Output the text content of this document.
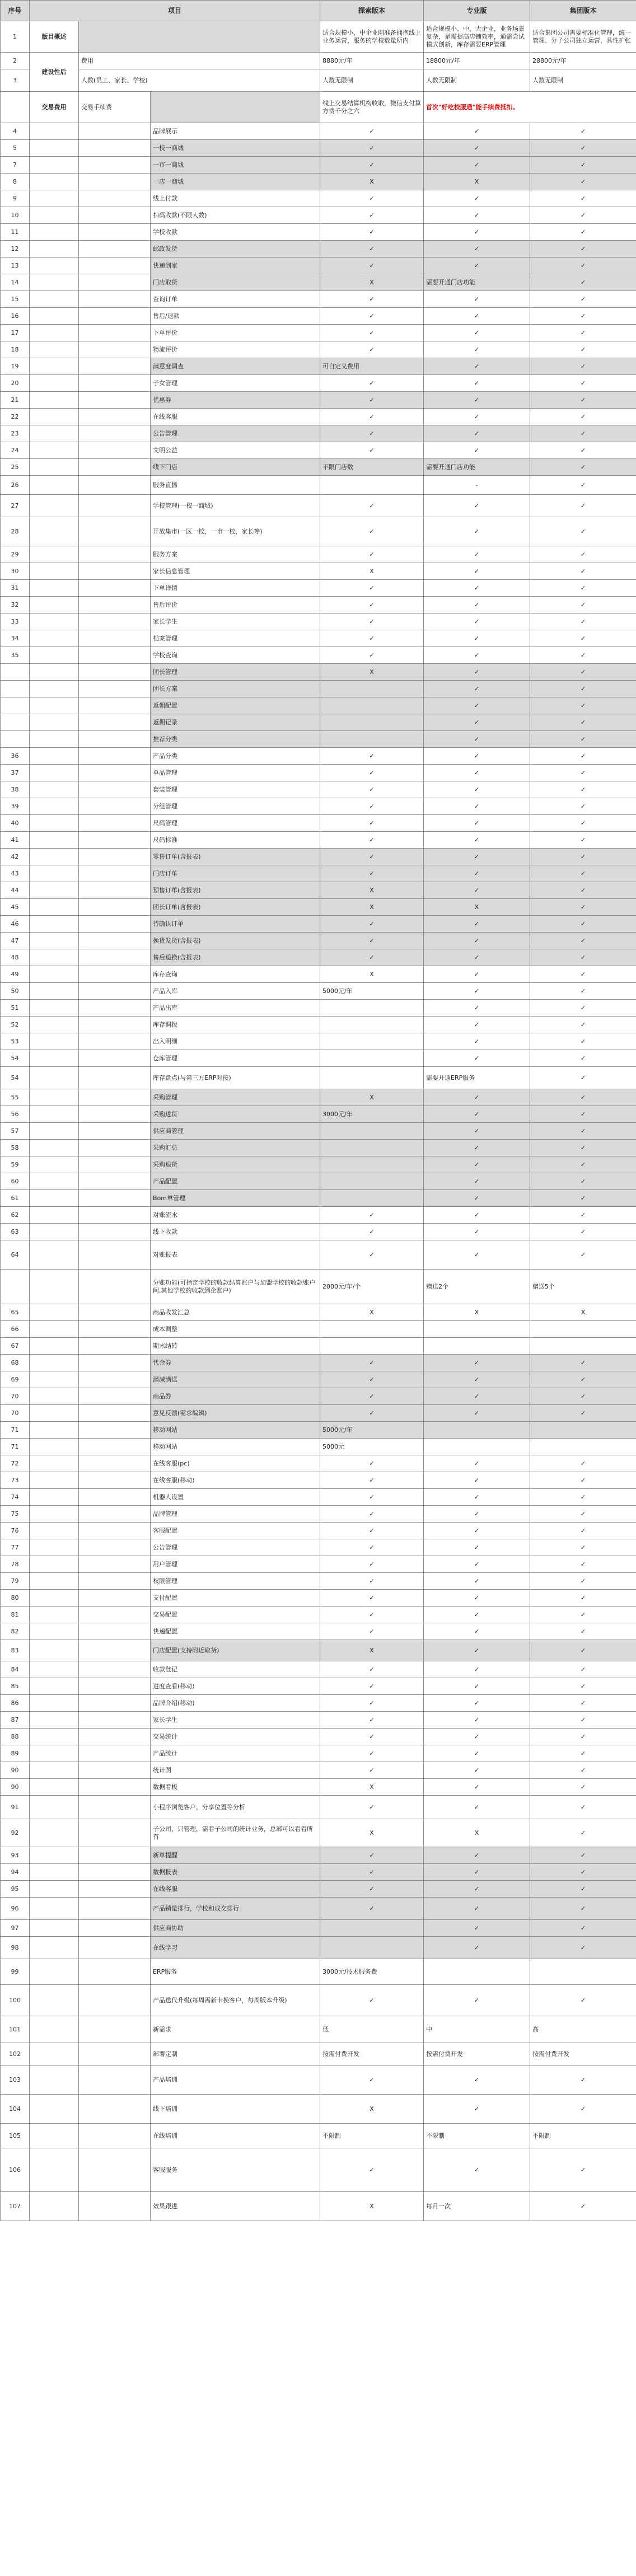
序号	项目			探索版本	专业版	集团版本
1	版目概述			适合规模小、中企业刚准备拥抱线上业务运营，服务的学校数量所内	适合规模小、中、大企业，业务场景复杂，是需提高店铺效率，通需尝试模式创新，库存需要ERP管理	适合集团公司需要标准化管理，统一管理、分子公司独立运营，具性扩张
2	建设性后	费用		8880元/年	18800元/年	28800元/年
3		人数(员工、家长、学校)		人数无限制	人数无限制	人数无限制
	交易费用	交易手续费		线上交易结算机构收取，微信支付算方费千分之六	首次"好吃校服通"能手续费抵扣。	
4			品牌展示	✓	✓	✓
5			一校一商城	✓	✓	✓
7			一市一商城	✓	✓	✓
8			一店一商城	X	X	✓
9			线上付款	✓	✓	✓
10			扫码收款(不限人数)	✓	✓	✓
11			学校收款	✓	✓	✓
12			邮政发货	✓	✓	✓
13			快递到家	✓	✓	✓
14			门店取货	X	需要开通门店功能	✓
15			查询订单	✓	✓	✓
16			售后/退款	✓	✓	✓
17			下单评价	✓	✓	✓
18			物流评价	✓	✓	✓
19			满意度调查	可自定义费用	✓	✓
20			子女管理	✓	✓	✓
21			优惠券	✓	✓	✓
22			在线客服	✓	✓	✓
23			公告管理	✓	✓	✓
24			文明公益	✓	✓	✓
25			线下门店	不限门店数	需要开通门店功能	✓
26			服务直播		-	✓
27			学校管理(一校一商城)	✓	✓	✓
28			开放集市(一区一校，一市一校，家长等)	✓	✓	✓
29			服务方案	✓	✓	✓
30			家长信息管理	X	✓	✓
31			下单详情	✓	✓	✓
32			售后评价	✓	✓	✓
33			家长学生	✓	✓	✓
34			档案管理	✓	✓	✓
35			学校查询	✓	✓	✓
			团长管理	X	✓	✓
			团长方案		✓	✓
			返佣配置		✓	✓
			返佣记录		✓	✓
			推荐分类		✓	✓
36			产品分类	✓	✓	✓
37			单品管理	✓	✓	✓
38			套装管理	✓	✓	✓
39			分组管理	✓	✓	✓
40			尺码管理	✓	✓	✓
41			尺码标准	✓	✓	✓
42			零售订单(含报表)	✓	✓	✓
43			门店订单	✓	✓	✓
44			预售订单(含报表)	X	✓	✓
45			团长订单(含报表)	X	X	✓
46			待确认订单	✓	✓	✓
47			换货发货(含报表)	✓	✓	✓
48			售后退换(含报表)	✓	✓	✓
49			库存查询	X	✓	✓
50			产品入库	5000元/年	✓	✓
51			产品出库		✓	✓
52			库存调拨		✓	✓
53			出入明细		✓	✓
54			仓库管理		✓	✓
54			库存盘点(与第三方ERP对接)		需要开通ERP服务	✓
55			采购管理	X	✓	✓
56			采购进货	3000元/年	✓	✓
57			供应商管理		✓	✓
58			采购汇总		✓	✓
59			采购退货		✓	✓
60			产品配置		✓	✓
61			Bom单管理		✓	✓
62			对账流水	✓	✓	✓
63			线下收款	✓	✓	✓
64			对账报表	✓	✓	✓
			分账功能(可指定学校的收款结算账户与加盟学校的收款账户间,其他学校的收款到企账户)	2000元/年/个	赠送2个	赠送5个
65			商品收发汇总	X	X	X
66			成本调整			
67			期末结转			
68			代金券	✓	✓	✓
69			满减满送	✓	✓	✓
70			商品券	✓	✓	✓
70			意见反馈(需求编辑)	✓	✓	✓
71			移动网站	5000元/年		
71			移动网站	5000元		
72			在线客服(pc)	✓	✓	✓
73			在线客服(移动)	✓	✓	✓
74			机器人设置	✓	✓	✓
75			品牌管理	✓	✓	✓
76			客服配置	✓	✓	✓
77			公告管理	✓	✓	✓
78			用户管理	✓	✓	✓
79			权限管理	✓	✓	✓
80			支付配置	✓	✓	✓
81			交易配置	✓	✓	✓
82			快递配置	✓	✓	✓
83			门店配置(支持附近取货)	X	✓	✓
84			收款登记	✓	✓	✓
85			进度查看(移动)	✓	✓	✓
86			品牌介绍(移动)	✓	✓	✓
87			家长学生	✓	✓	✓
88			交易统计	✓	✓	✓
89			产品统计	✓	✓	✓
90			统计图	✓	✓	✓
90			数据看板	X	✓	✓
91			小程序浏览客户，分享位置等分析	✓	✓	✓
92			子公司，只管理，需看子公司的统计业务，总部可以看看所有	X	X	✓
93			新单提醒	✓	✓	✓
94			数据报表	✓	✓	✓
95			在线客服	✓	✓	✓
96			产品销量排行，学校和成交排行	✓	✓	✓
97			供应商协助		✓	✓
98			在线学习		✓	✓
99			ERP服务	3000元/技术服务费		
100			产品迭代升级(每周需新卡换客户，每周版本升级)	✓	✓	✓
101			新需求	低	中	高
102			部署定制	按需付费开发	按需付费开发	按需付费开发
103			产品培训	✓	✓	✓
104			线下培训	X	✓	✓
105			在线培训	不限制	不限制	不限制
106			客服服务	✓	✓	✓
107			效果跟进	X	每月一次	✓
